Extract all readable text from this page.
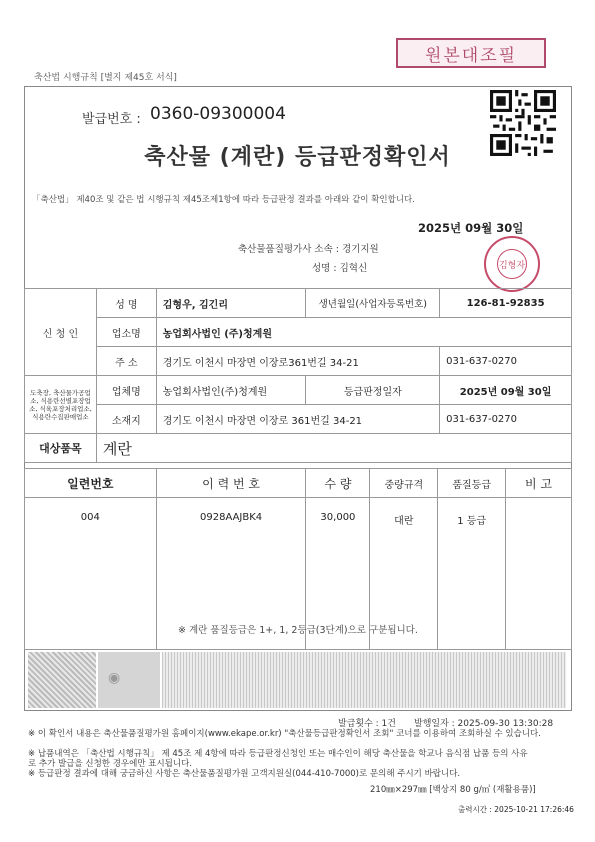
원본대조필
축산법 시행규칙 [별지 제45호 서식]
발급번호 : 0360-09300004
축산물 (계란) 등급판정확인서
「축산법」 제40조 및 같은 법 시행규칙 제45조제1항에 따라 등급판정 결과를 아래와 같이 확인합니다.
2025년 09월 30일
축산물품질평가사 소속 : 경기지원
성명 : 김혁신	김형자
신 청 인	성 명	김형우, 김긴리	생년월일(사업자등록번호)	126-81-92835
	업소명	농업회사법인 (주)청계원		
	주 소	경기도 이천시 마장면 이장로361번길 34-21		031-637-0270
도축장, 축산물가공업소, 식용란선별포장업소, 식육포장처리업소, 식용란수집판매업소	업체명	농업회사법인(주)청계원	등급판정일자	2025년 09월 30일
	소재지	경기도 이천시 마장면 이장로 361번길 34-21		031-637-0270
대상품목	계란			
일련번호	이 력 번 호	수 량	중량규격	품질등급	비 고
004	0928AAJBK4	30,000	대란	1 등급	
※ 계란 품질등급은 1+, 1, 2등급(3단계)으로 구분됩니다.
◉
발급횟수 : 1건 발행일자 : 2025-09-30 13:30:28
※ 이 확인서 내용은 축산물품질평가원 홈페이지(www.ekape.or.kr) "축산물등급판정확인서 조회" 코너를 이용하여 조회하실 수 있습니다.
※ 납품내역은 「축산법 시행규칙」 제 45조 제 4항에 따라 등급판정신청인 또는 매수인이 해당 축산물을 학교나 음식점 납품 등의 사유로 추가 발급을 신청한 경우에만 표시됩니다.
※ 등급판정 결과에 대해 궁금하신 사항은 축산물품질평가원 고객지원실(044-410-7000)로 문의해 주시기 바랍니다.
210㎜×297㎜ [백상지 80 g/㎡ (재활용품)]
출력시간 : 2025-10-21 17:26:46
